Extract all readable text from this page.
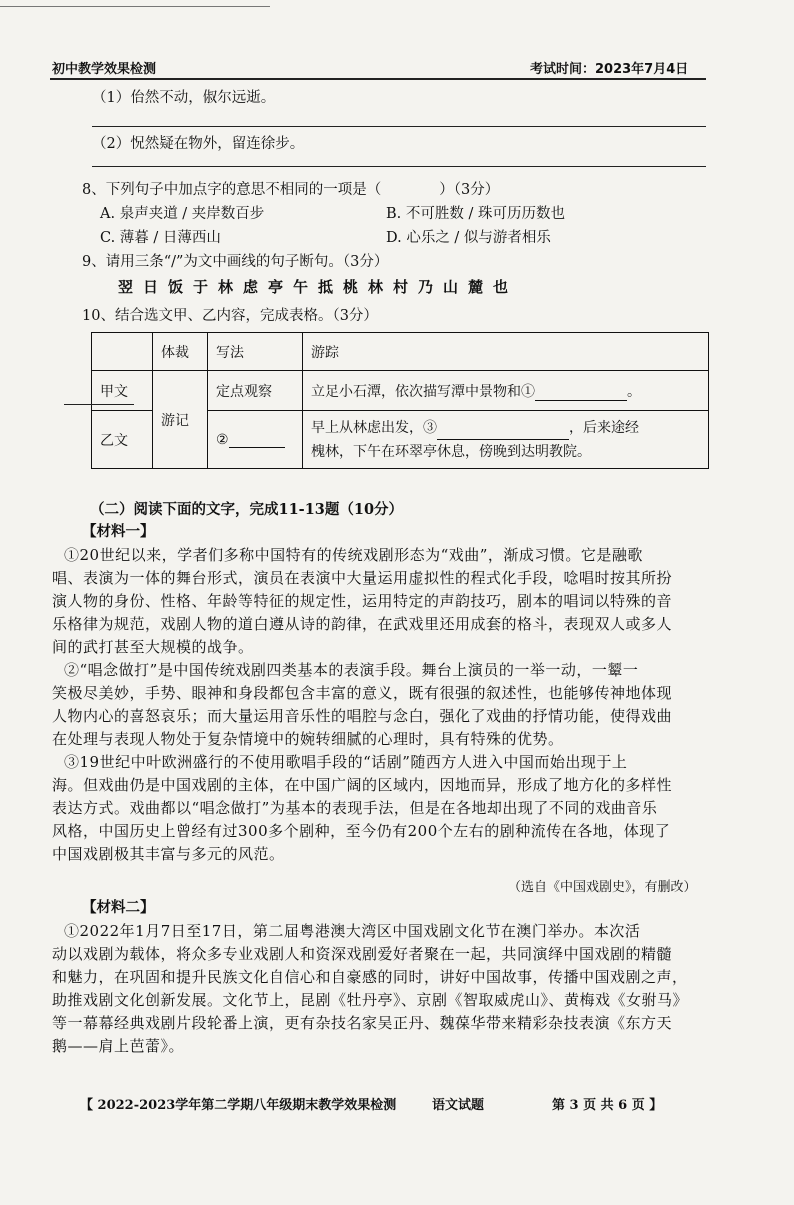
初中教学效果检测	考试时间：2023年7月4日
（1）佁然不动，俶尔远逝。
（2）怳然疑在物外，留连徐步。
8、下列句子中加点字的意思不相同的一项是（　　　　）（3分）
A. 泉声夹道 / 夹岸数百步	B. 不可胜数 / 珠可历历数也
C. 薄暮 / 日薄西山	D. 心乐之 / 似与游者相乐
9、请用三条“/”为文中画线的句子断句。（3分）
翌日饭于林虑亭午抵桃林村乃山麓也
10、结合选文甲、乙内容，完成表格。（3分）
	体裁	写法	游踪
甲文	游记	定点观察	立足小石潭，依次描写潭中景物和① 。
乙文		②	早上从林虑出发，③ ，后来途经
槐林，下午在环翠亭休息，傍晚到达明教院。
（二）阅读下面的文字，完成11-13题（10分）
【材料一】
①20世纪以来，学者们多称中国特有的传统戏剧形态为“戏曲”，渐成习惯。它是融歌
唱、表演为一体的舞台形式，演员在表演中大量运用虚拟性的程式化手段，唸唱时按其所扮
演人物的身份、性格、年龄等特征的规定性，运用特定的声韵技巧，剧本的唱词以特殊的音
乐格律为规范，戏剧人物的道白遵从诗的韵律，在武戏里还用成套的格斗，表现双人或多人
间的武打甚至大规模的战争。
②“唱念做打”是中国传统戏剧四类基本的表演手段。舞台上演员的一举一动，一颦一
笑极尽美妙，手势、眼神和身段都包含丰富的意义，既有很强的叙述性，也能够传神地体现
人物内心的喜怒哀乐；而大量运用音乐性的唱腔与念白，强化了戏曲的抒情功能，使得戏曲
在处理与表现人物处于复杂情境中的婉转细腻的心理时，具有特殊的优势。
③19世纪中叶欧洲盛行的不使用歌唱手段的“话剧”随西方人进入中国而始出现于上
海。但戏曲仍是中国戏剧的主体，在中国广阔的区域内，因地而异，形成了地方化的多样性
表达方式。戏曲都以“唱念做打”为基本的表现手法，但是在各地却出现了不同的戏曲音乐
风格，中国历史上曾经有过300多个剧种，至今仍有200个左右的剧种流传在各地，体现了
中国戏剧极其丰富与多元的风范。
（选自《中国戏剧史》，有删改）
【材料二】
①2022年1月7日至17日，第二届粤港澳大湾区中国戏剧文化节在澳门举办。本次活
动以戏剧为载体，将众多专业戏剧人和资深戏剧爱好者聚在一起，共同演绎中国戏剧的精髓
和魅力，在巩固和提升民族文化自信心和自豪感的同时，讲好中国故事，传播中国戏剧之声，
助推戏剧文化创新发展。文化节上，昆剧《牡丹亭》、京剧《智取威虎山》、黄梅戏《女驸马》
等一幕幕经典戏剧片段轮番上演，更有杂技名家吴正丹、魏葆华带来精彩杂技表演《东方天
鹅——肩上芭蕾》。
【 2022-2023学年第二学期八年级期末教学效果检测	语文试题	第 3 页 共 6 页 】
